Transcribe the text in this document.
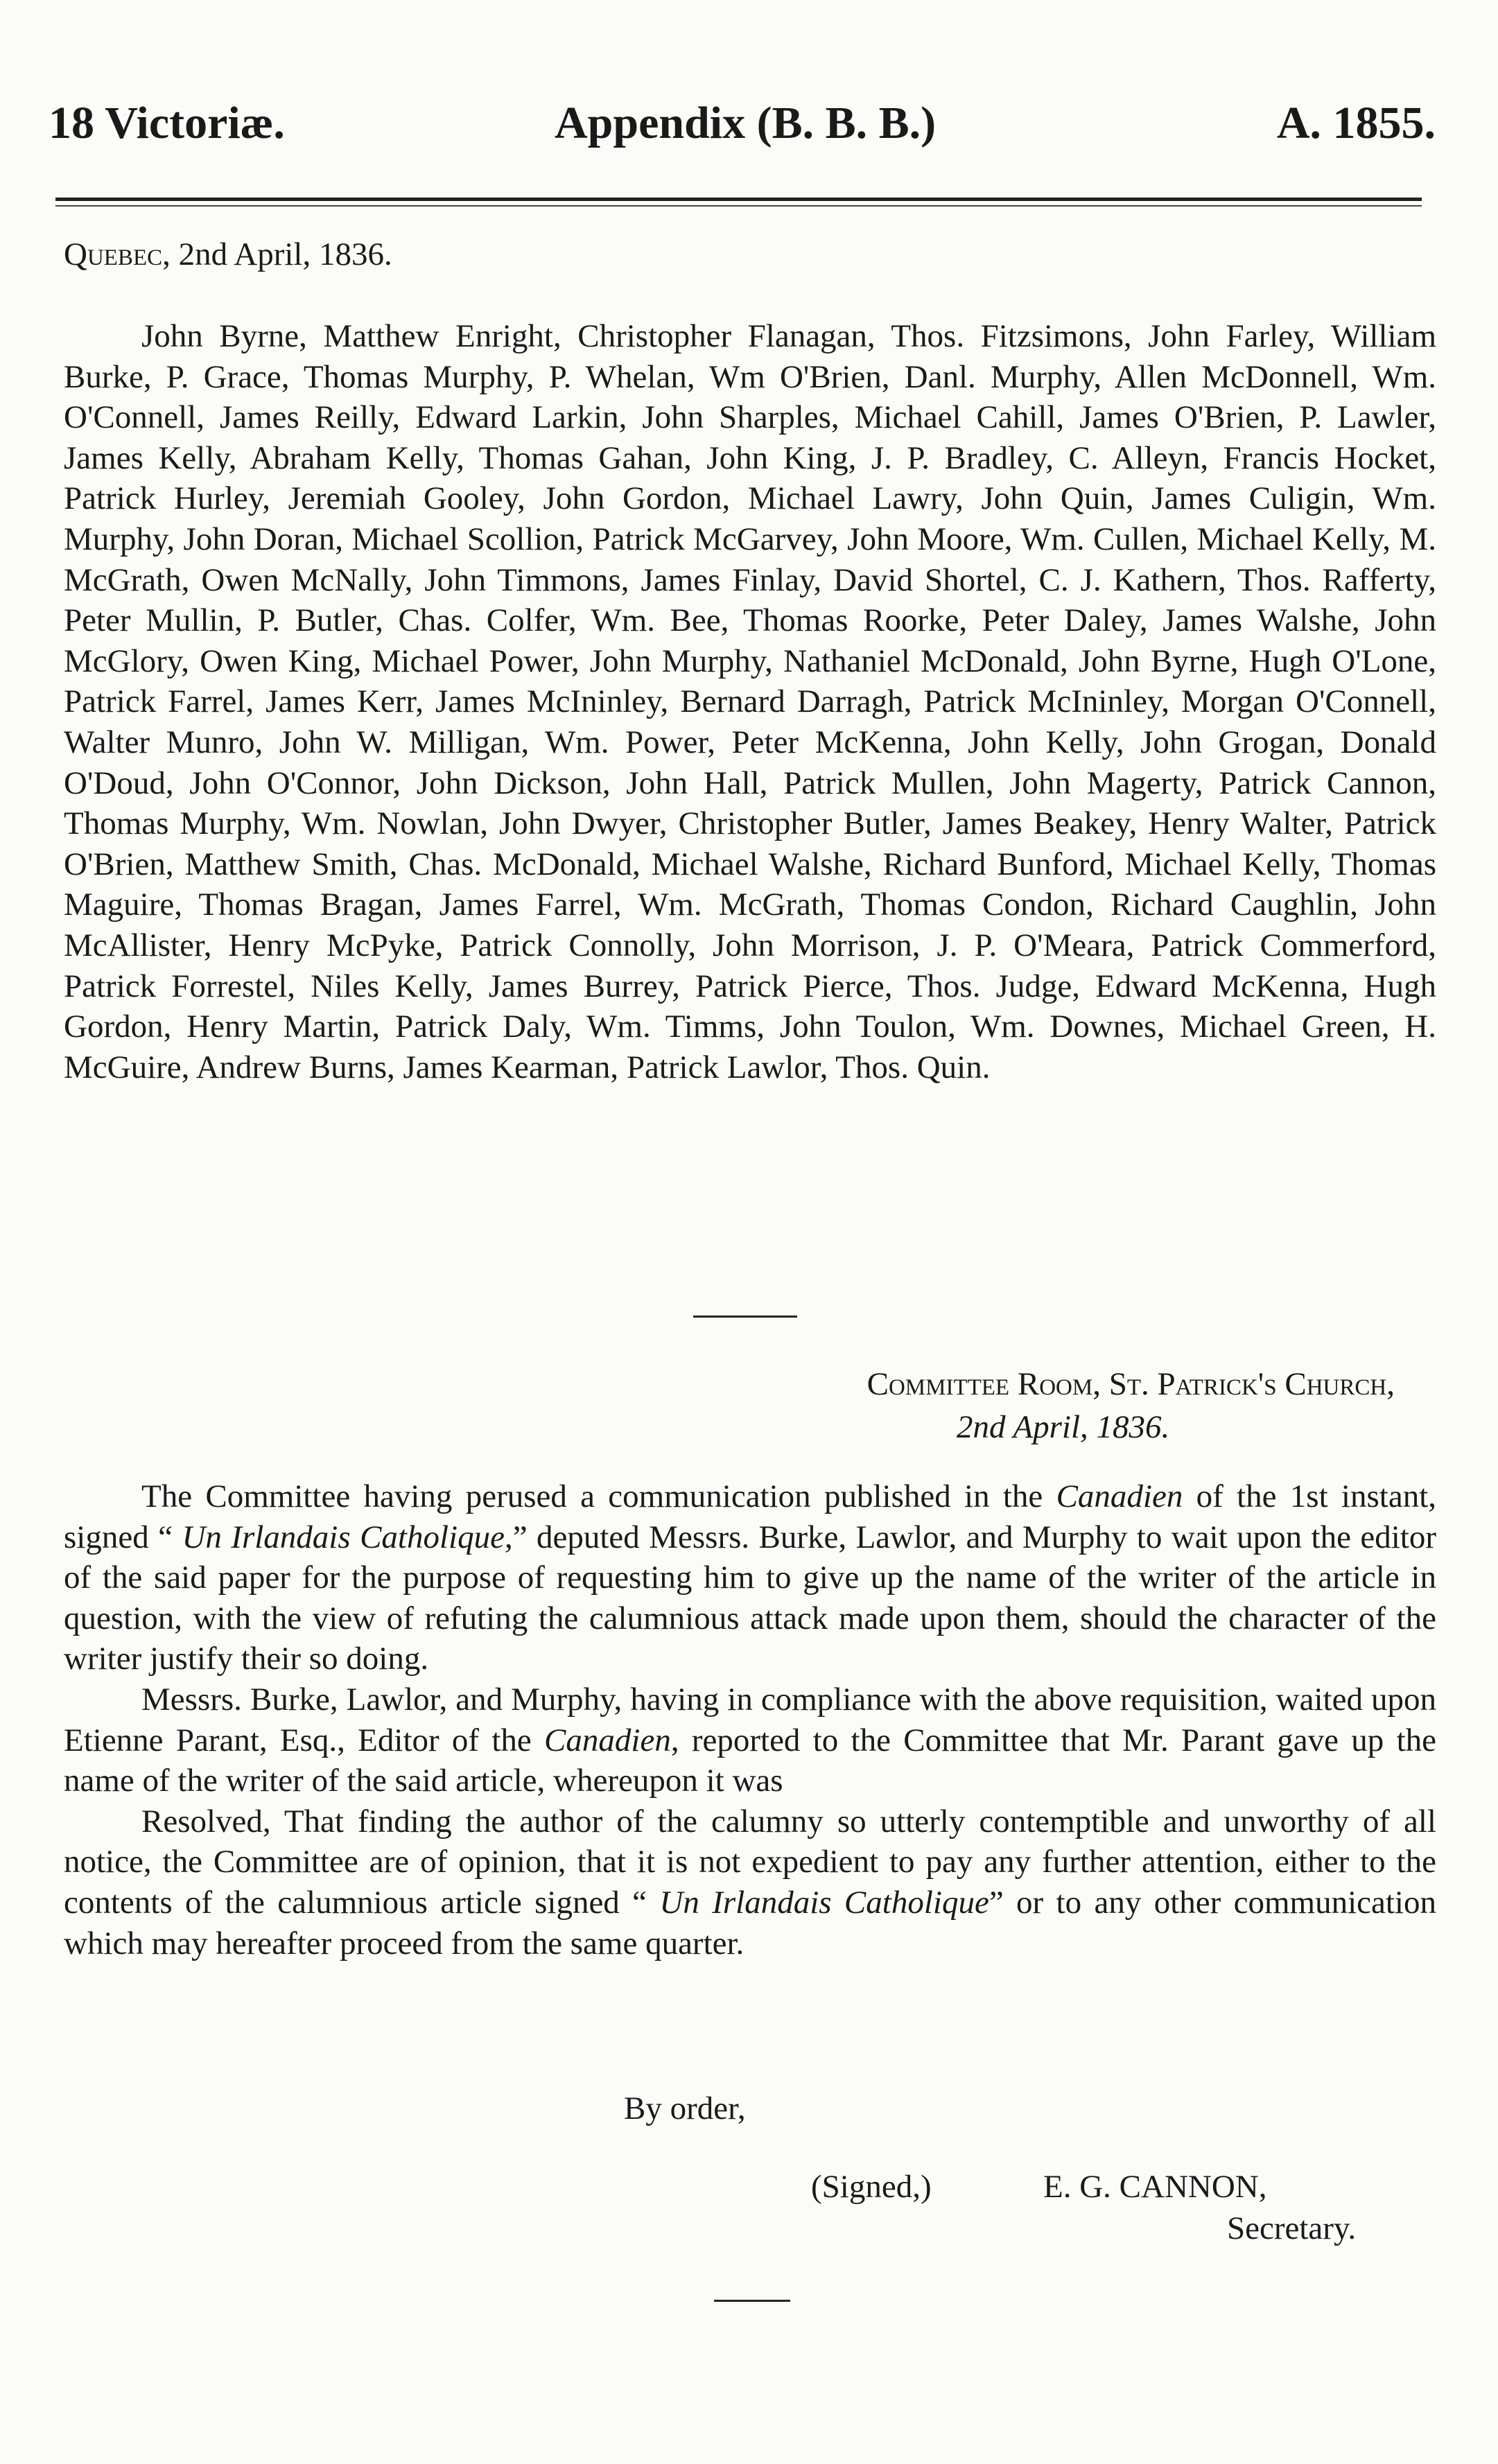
18 Victoriæ.	Appendix (B. B. B.)	A. 1855.
Quebec, 2nd April, 1836.
John Byrne, Matthew Enright, Christopher Flanagan, Thos. Fitzsimons, John Farley, William Burke, P. Grace, Thomas Murphy, P. Whelan, Wm O'Brien, Danl. Murphy, Allen McDonnell, Wm. O'Connell, James Reilly, Edward Larkin, John Sharples, Michael Cahill, James O'Brien, P. Lawler, James Kelly, Abraham Kelly, Thomas Gahan, John King, J. P. Bradley, C. Alleyn, Francis Hocket, Patrick Hurley, Jeremiah Gooley, John Gordon, Michael Lawry, John Quin, James Culigin, Wm. Murphy, John Doran, Michael Scollion, Patrick McGarvey, John Moore, Wm. Cullen, Michael Kelly, M. McGrath, Owen McNally, John Timmons, James Finlay, David Shortel, C. J. Kathern, Thos. Rafferty, Peter Mullin, P. Butler, Chas. Colfer, Wm. Bee, Thomas Roorke, Peter Daley, James Walshe, John McGlory, Owen King, Michael Power, John Murphy, Nathaniel McDonald, John Byrne, Hugh O'Lone, Patrick Farrel, James Kerr, James McIninley, Bernard Darragh, Patrick McIninley, Morgan O'Connell, Walter Munro, John W. Milligan, Wm. Power, Peter McKenna, John Kelly, John Grogan, Donald O'Doud, John O'Connor, John Dickson, John Hall, Patrick Mullen, John Magerty, Patrick Cannon, Thomas Murphy, Wm. Nowlan, John Dwyer, Christopher Butler, James Beakey, Henry Walter, Patrick O'Brien, Matthew Smith, Chas. McDonald, Michael Walshe, Richard Bunford, Michael Kelly, Thomas Maguire, Thomas Bragan, James Farrel, Wm. McGrath, Thomas Condon, Richard Caughlin, John McAllister, Henry McPyke, Patrick Connolly, John Morrison, J. P. O'Meara, Patrick Commerford, Patrick Forrestel, Niles Kelly, James Burrey, Patrick Pierce, Thos. Judge, Edward McKenna, Hugh Gordon, Henry Martin, Patrick Daly, Wm. Timms, John Toulon, Wm. Downes, Michael Green, H. McGuire, Andrew Burns, James Kearman, Patrick Lawlor, Thos. Quin.
Committee Room, St. Patrick's Church,
2nd April, 1836.

The Committee having perused a communication published in the Canadien of the 1st instant, signed “ Un Irlandais Catholique,” deputed Messrs. Burke, Lawlor, and Murphy to wait upon the editor of the said paper for the purpose of requesting him to give up the name of the writer of the article in question, with the view of refuting the calumnious attack made upon them, should the character of the writer justify their so doing.

Messrs. Burke, Lawlor, and Murphy, having in compliance with the above requisition, waited upon Etienne Parant, Esq., Editor of the Canadien, reported to the Committee that Mr. Parant gave up the name of the writer of the said article, whereupon it was

Resolved, That finding the author of the calumny so utterly contemptible and unworthy of all notice, the Committee are of opinion, that it is not expedient to pay any further attention, either to the contents of the calumnious article signed “ Un Irlandais Catholique” or to any other communication which may hereafter proceed from the same quarter.

By order,
(Signed,)	E. G. CANNON,
Secretary.
